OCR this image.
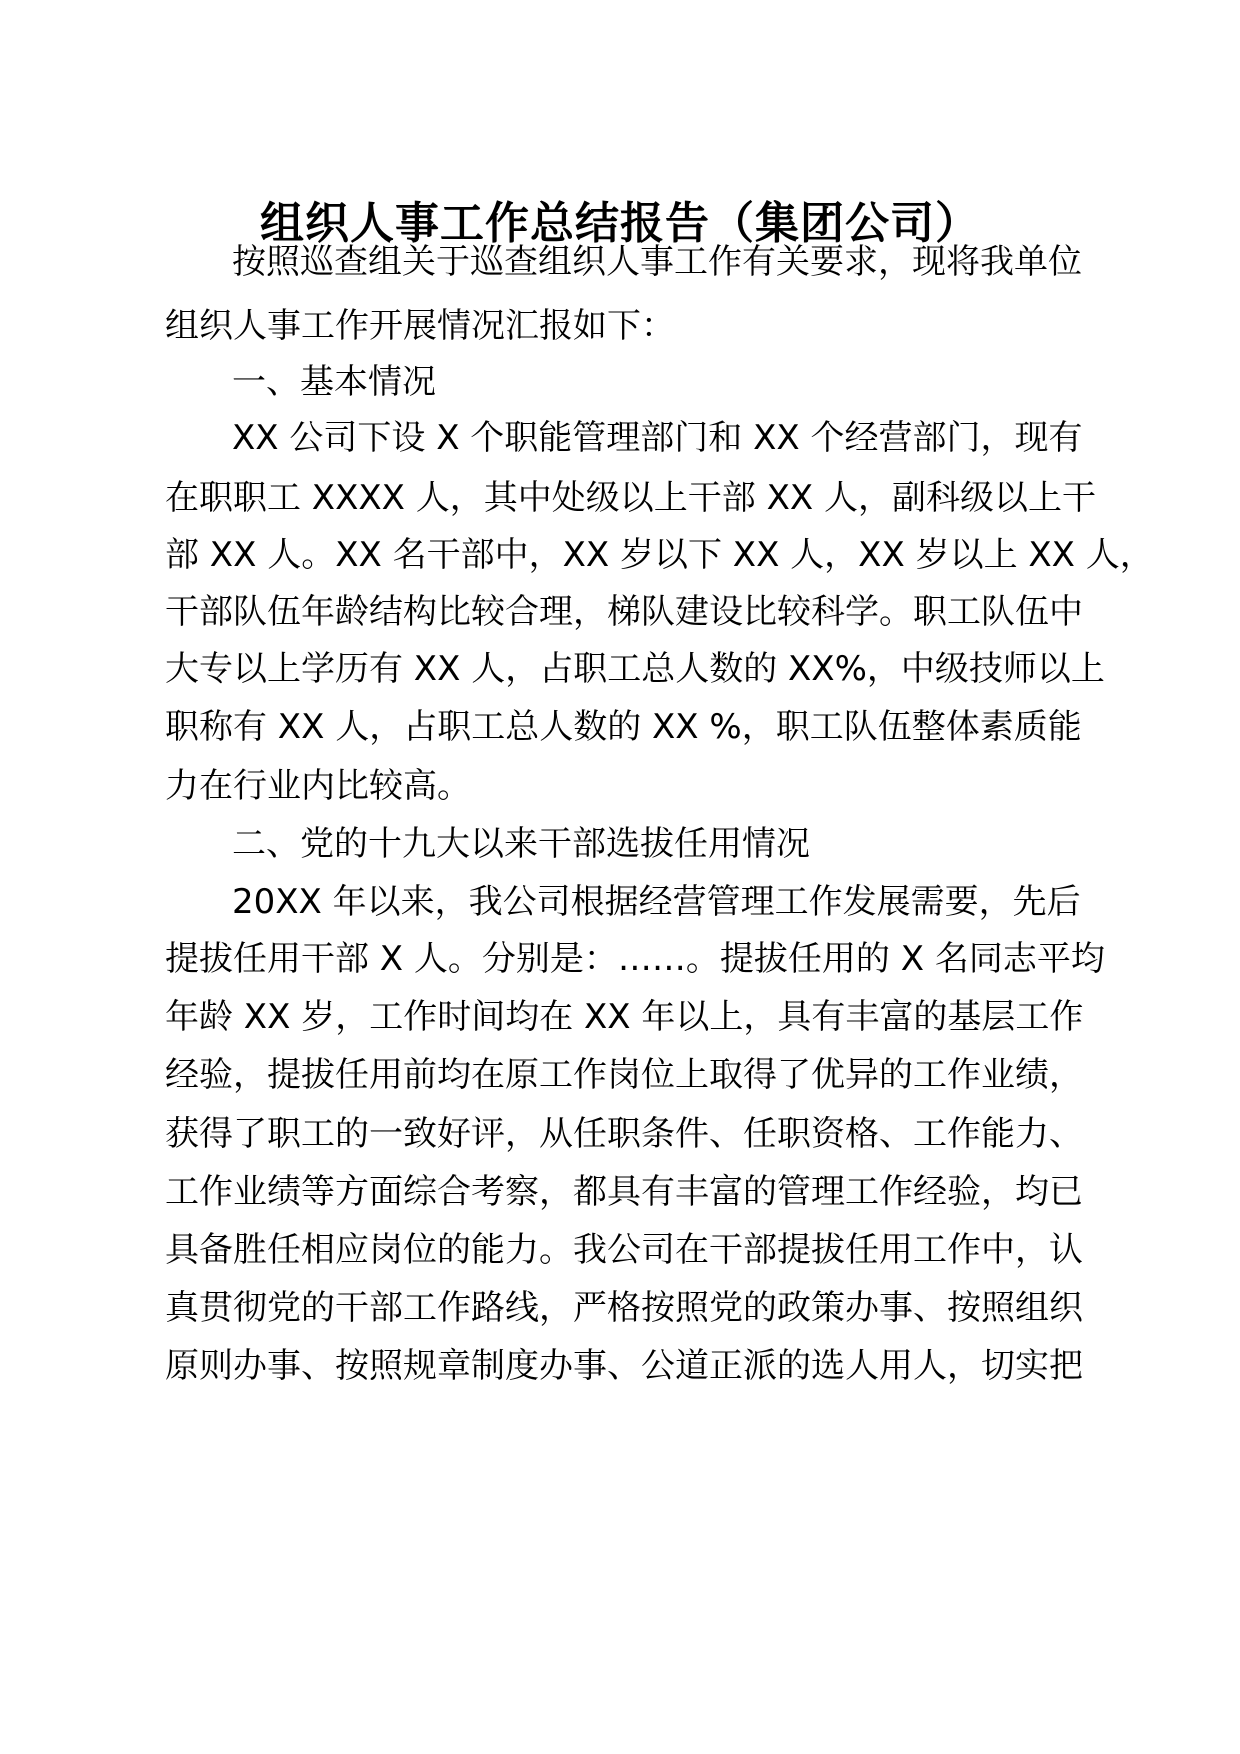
组织人事工作总结报告（集团公司）

按照巡查组关于巡查组织人事工作有关要求，现将我单位

组织人事工作开展情况汇报如下：

一、基本情况

XX 公司下设 X 个职能管理部门和 XX 个经营部门，现有

在职职工 XXXX 人，其中处级以上干部 XX 人，副科级以上干

部 XX 人。XX 名干部中，XX 岁以下 XX 人，XX 岁以上 XX 人，

干部队伍年龄结构比较合理，梯队建设比较科学。职工队伍中

大专以上学历有 XX 人，占职工总人数的 XX%，中级技师以上

职称有 XX 人，占职工总人数的 XX %，职工队伍整体素质能

力在行业内比较高。

二、党的十九大以来干部选拔任用情况

20XX 年以来，我公司根据经营管理工作发展需要，先后

提拔任用干部 X 人。分别是：……。提拔任用的 X 名同志平均

年龄 XX 岁，工作时间均在 XX 年以上，具有丰富的基层工作

经验，提拔任用前均在原工作岗位上取得了优异的工作业绩，

获得了职工的一致好评，从任职条件、任职资格、工作能力、

工作业绩等方面综合考察，都具有丰富的管理工作经验，均已

具备胜任相应岗位的能力。我公司在干部提拔任用工作中，认

真贯彻党的干部工作路线，严格按照党的政策办事、按照组织

原则办事、按照规章制度办事、公道正派的选人用人，切实把
